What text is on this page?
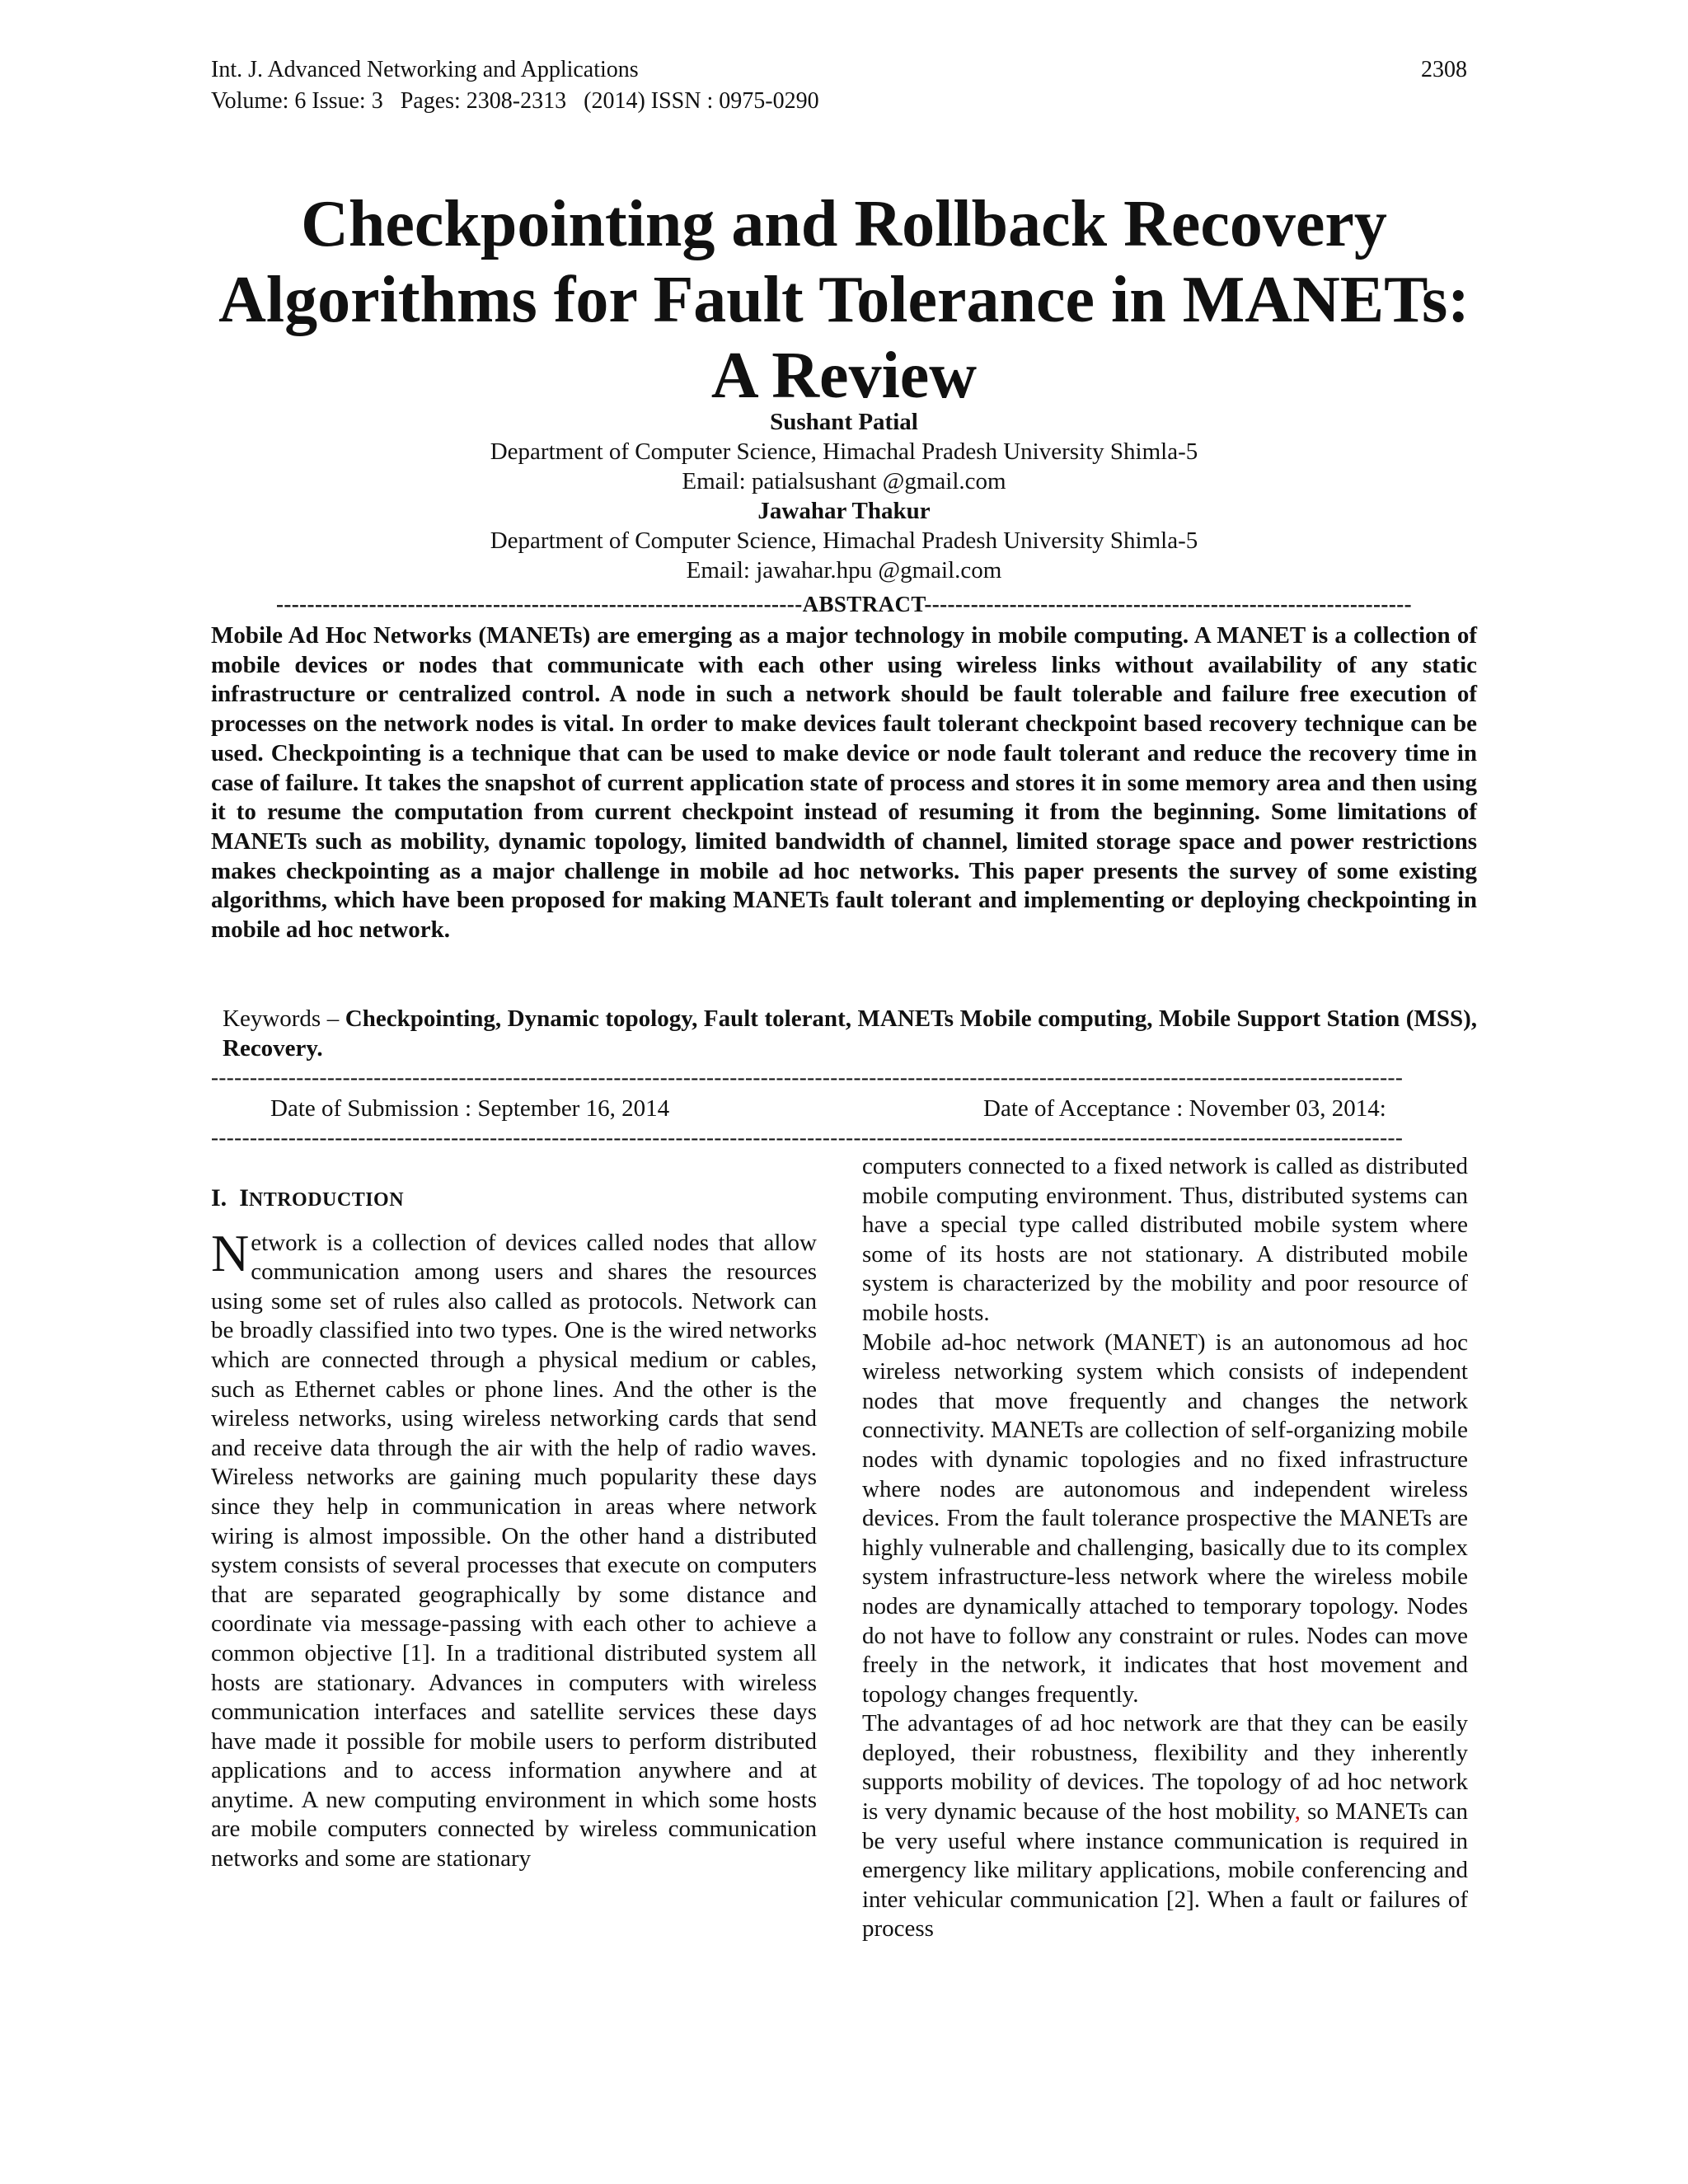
Int. J. Advanced Networking and Applications
Volume: 6 Issue: 3   Pages: 2308-2313   (2014) ISSN : 0975-0290
2308
Checkpointing and Rollback Recovery
Algorithms for Fault Tolerance in MANETs:
A Review
Sushant Patial
Department of Computer Science, Himachal Pradesh University Shimla-5
Email: patialsushant @gmail.com
Jawahar Thakur
Department of Computer Science, Himachal Pradesh University Shimla-5
Email: jawahar.hpu @gmail.com
--------------------------------------------------------------------ABSTRACT---------------------------------------------------------------
Mobile Ad Hoc Networks (MANETs) are emerging as a major technology in mobile computing. A MANET is a collection of mobile devices or nodes that communicate with each other using wireless links without availability of any static infrastructure or centralized control. A node in such a network should be fault tolerable and failure free execution of processes on the network nodes is vital. In order to make devices fault tolerant checkpoint based recovery technique can be used. Checkpointing is a technique that can be used to make device or node fault tolerant and reduce the recovery time in case of failure. It takes the snapshot of current application state of process and stores it in some memory area and then using it to resume the computation from current checkpoint instead of resuming it from the beginning. Some limitations of MANETs such as mobility, dynamic topology, limited bandwidth of channel, limited storage space and power restrictions makes checkpointing as a major challenge in mobile ad hoc networks. This paper presents the survey of some existing algorithms, which have been proposed for making MANETs fault tolerant and implementing or deploying checkpointing in mobile ad hoc network.
Keywords – Checkpointing, Dynamic topology, Fault tolerant, MANETs Mobile computing, Mobile Support Station (MSS), Recovery.
----------------------------------------------------------------------------------------------------------------------------------------------------------
Date of Submission : September 16, 2014	Date of Acceptance : November 03, 2014:
----------------------------------------------------------------------------------------------------------------------------------------------------------
I.  INTRODUCTION

Network is a collection of devices called nodes that allow communication among users and shares the resources using some set of rules also called as protocols. Network can be broadly classified into two types. One is the wired networks which are connected through a physical medium or cables, such as Ethernet cables or phone lines. And the other is the wireless networks, using wireless networking cards that send and receive data through the air with the help of radio waves. Wireless networks are gaining much popularity these days since they help in communication in areas where network wiring is almost impossible. On the other hand a distributed system consists of several processes that execute on computers that are separated geographically by some distance and coordinate via message-passing with each other to achieve a common objective [1]. In a traditional distributed system all hosts are stationary. Advances in computers with wireless communication interfaces and satellite services these days have made it possible for mobile users to perform distributed applications and to access information anywhere and at anytime. A new computing environment in which some hosts are mobile computers connected by wireless communication networks and some are stationary

computers connected to a fixed network is called as distributed mobile computing environment. Thus, distributed systems can have a special type called distributed mobile system where some of its hosts are not stationary. A distributed mobile system is characterized by the mobility and poor resource of mobile hosts.

Mobile ad-hoc network (MANET) is an autonomous ad hoc wireless networking system which consists of independent nodes that move frequently and changes the network connectivity. MANETs are collection of self-organizing mobile nodes with dynamic topologies and no fixed infrastructure where nodes are autonomous and independent wireless devices. From the fault tolerance prospective the MANETs are highly vulnerable and challenging, basically due to its complex system infrastructure-less network where the wireless mobile nodes are dynamically attached to temporary topology. Nodes do not have to follow any constraint or rules. Nodes can move freely in the network, it indicates that host movement and topology changes frequently.

The advantages of ad hoc network are that they can be easily deployed, their robustness, flexibility and they inherently supports mobility of devices. The topology of ad hoc network is very dynamic because of the host mobility, so MANETs can be very useful where instance communication is required in emergency like military applications, mobile conferencing and inter vehicular communication [2]. When a fault or failures of process
